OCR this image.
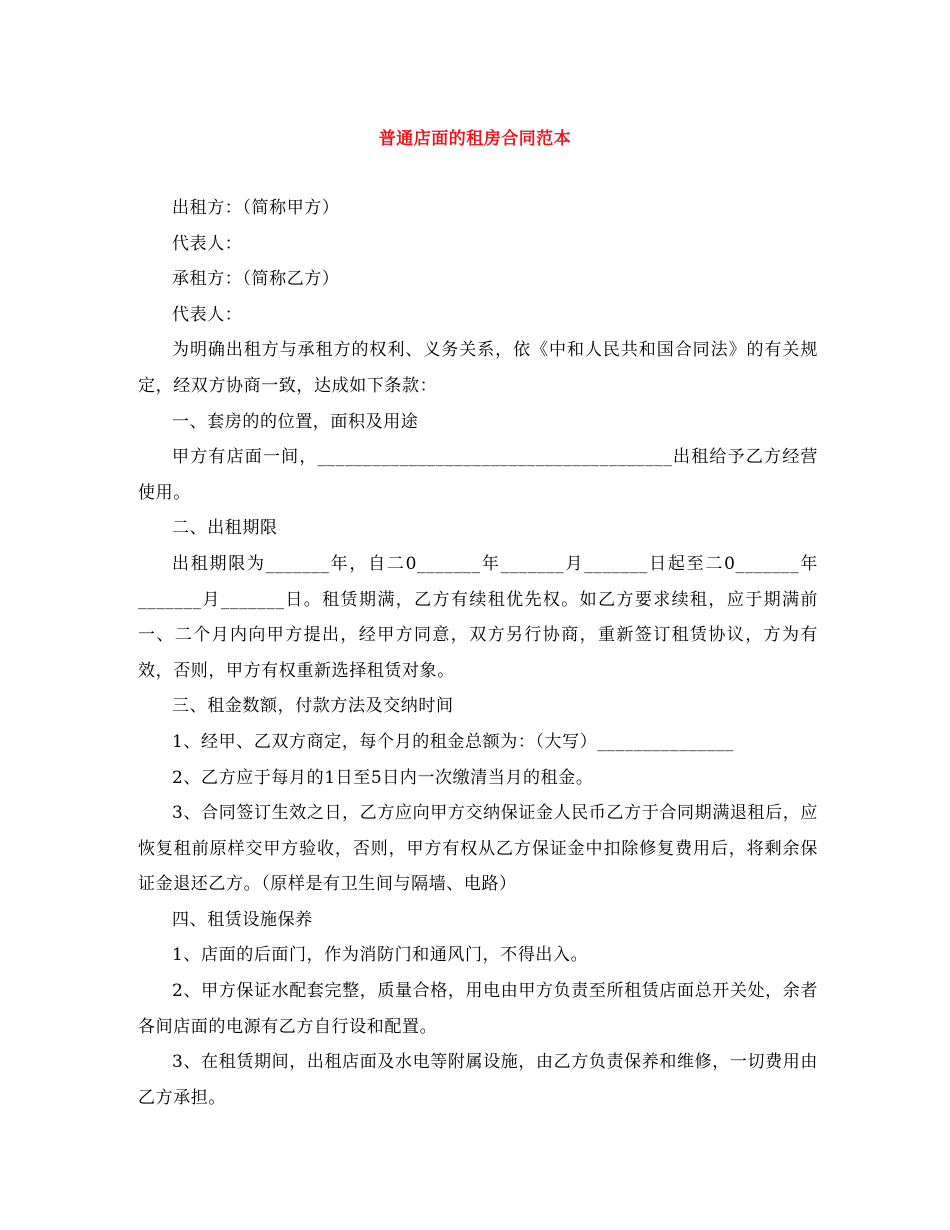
普通店面的租房合同范本

出租方：（简称甲方）

代表人：

承租方：（简称乙方）

代表人：

为明确出租方与承租方的权利、义务关系，依《中和人民共和国合同法》的有关规定，经双方协商一致，达成如下条款：

一、套房的的位置，面积及用途

甲方有店面一间，_______________________________________出租给予乙方经营使用。

二、出租期限

出租期限为_______年，自二0_______年_______月_______日起至二0_______年_______月_______日。租赁期满，乙方有续租优先权。如乙方要求续租，应于期满前一、二个月内向甲方提出，经甲方同意，双方另行协商，重新签订租赁协议，方为有效，否则，甲方有权重新选择租赁对象。

三、租金数额，付款方法及交纳时间

1、经甲、乙双方商定，每个月的租金总额为：（大写）_______________

2、乙方应于每月的1日至5日内一次缴清当月的租金。

3、合同签订生效之日，乙方应向甲方交纳保证金人民币乙方于合同期满退租后，应恢复租前原样交甲方验收，否则，甲方有权从乙方保证金中扣除修复费用后，将剩余保证金退还乙方。（原样是有卫生间与隔墙、电路）

四、租赁设施保养

1、店面的后面门，作为消防门和通风门，不得出入。

2、甲方保证水配套完整，质量合格，用电由甲方负责至所租赁店面总开关处，余者各间店面的电源有乙方自行设和配置。

3、在租赁期间，出租店面及水电等附属设施，由乙方负责保养和维修，一切费用由乙方承担。
